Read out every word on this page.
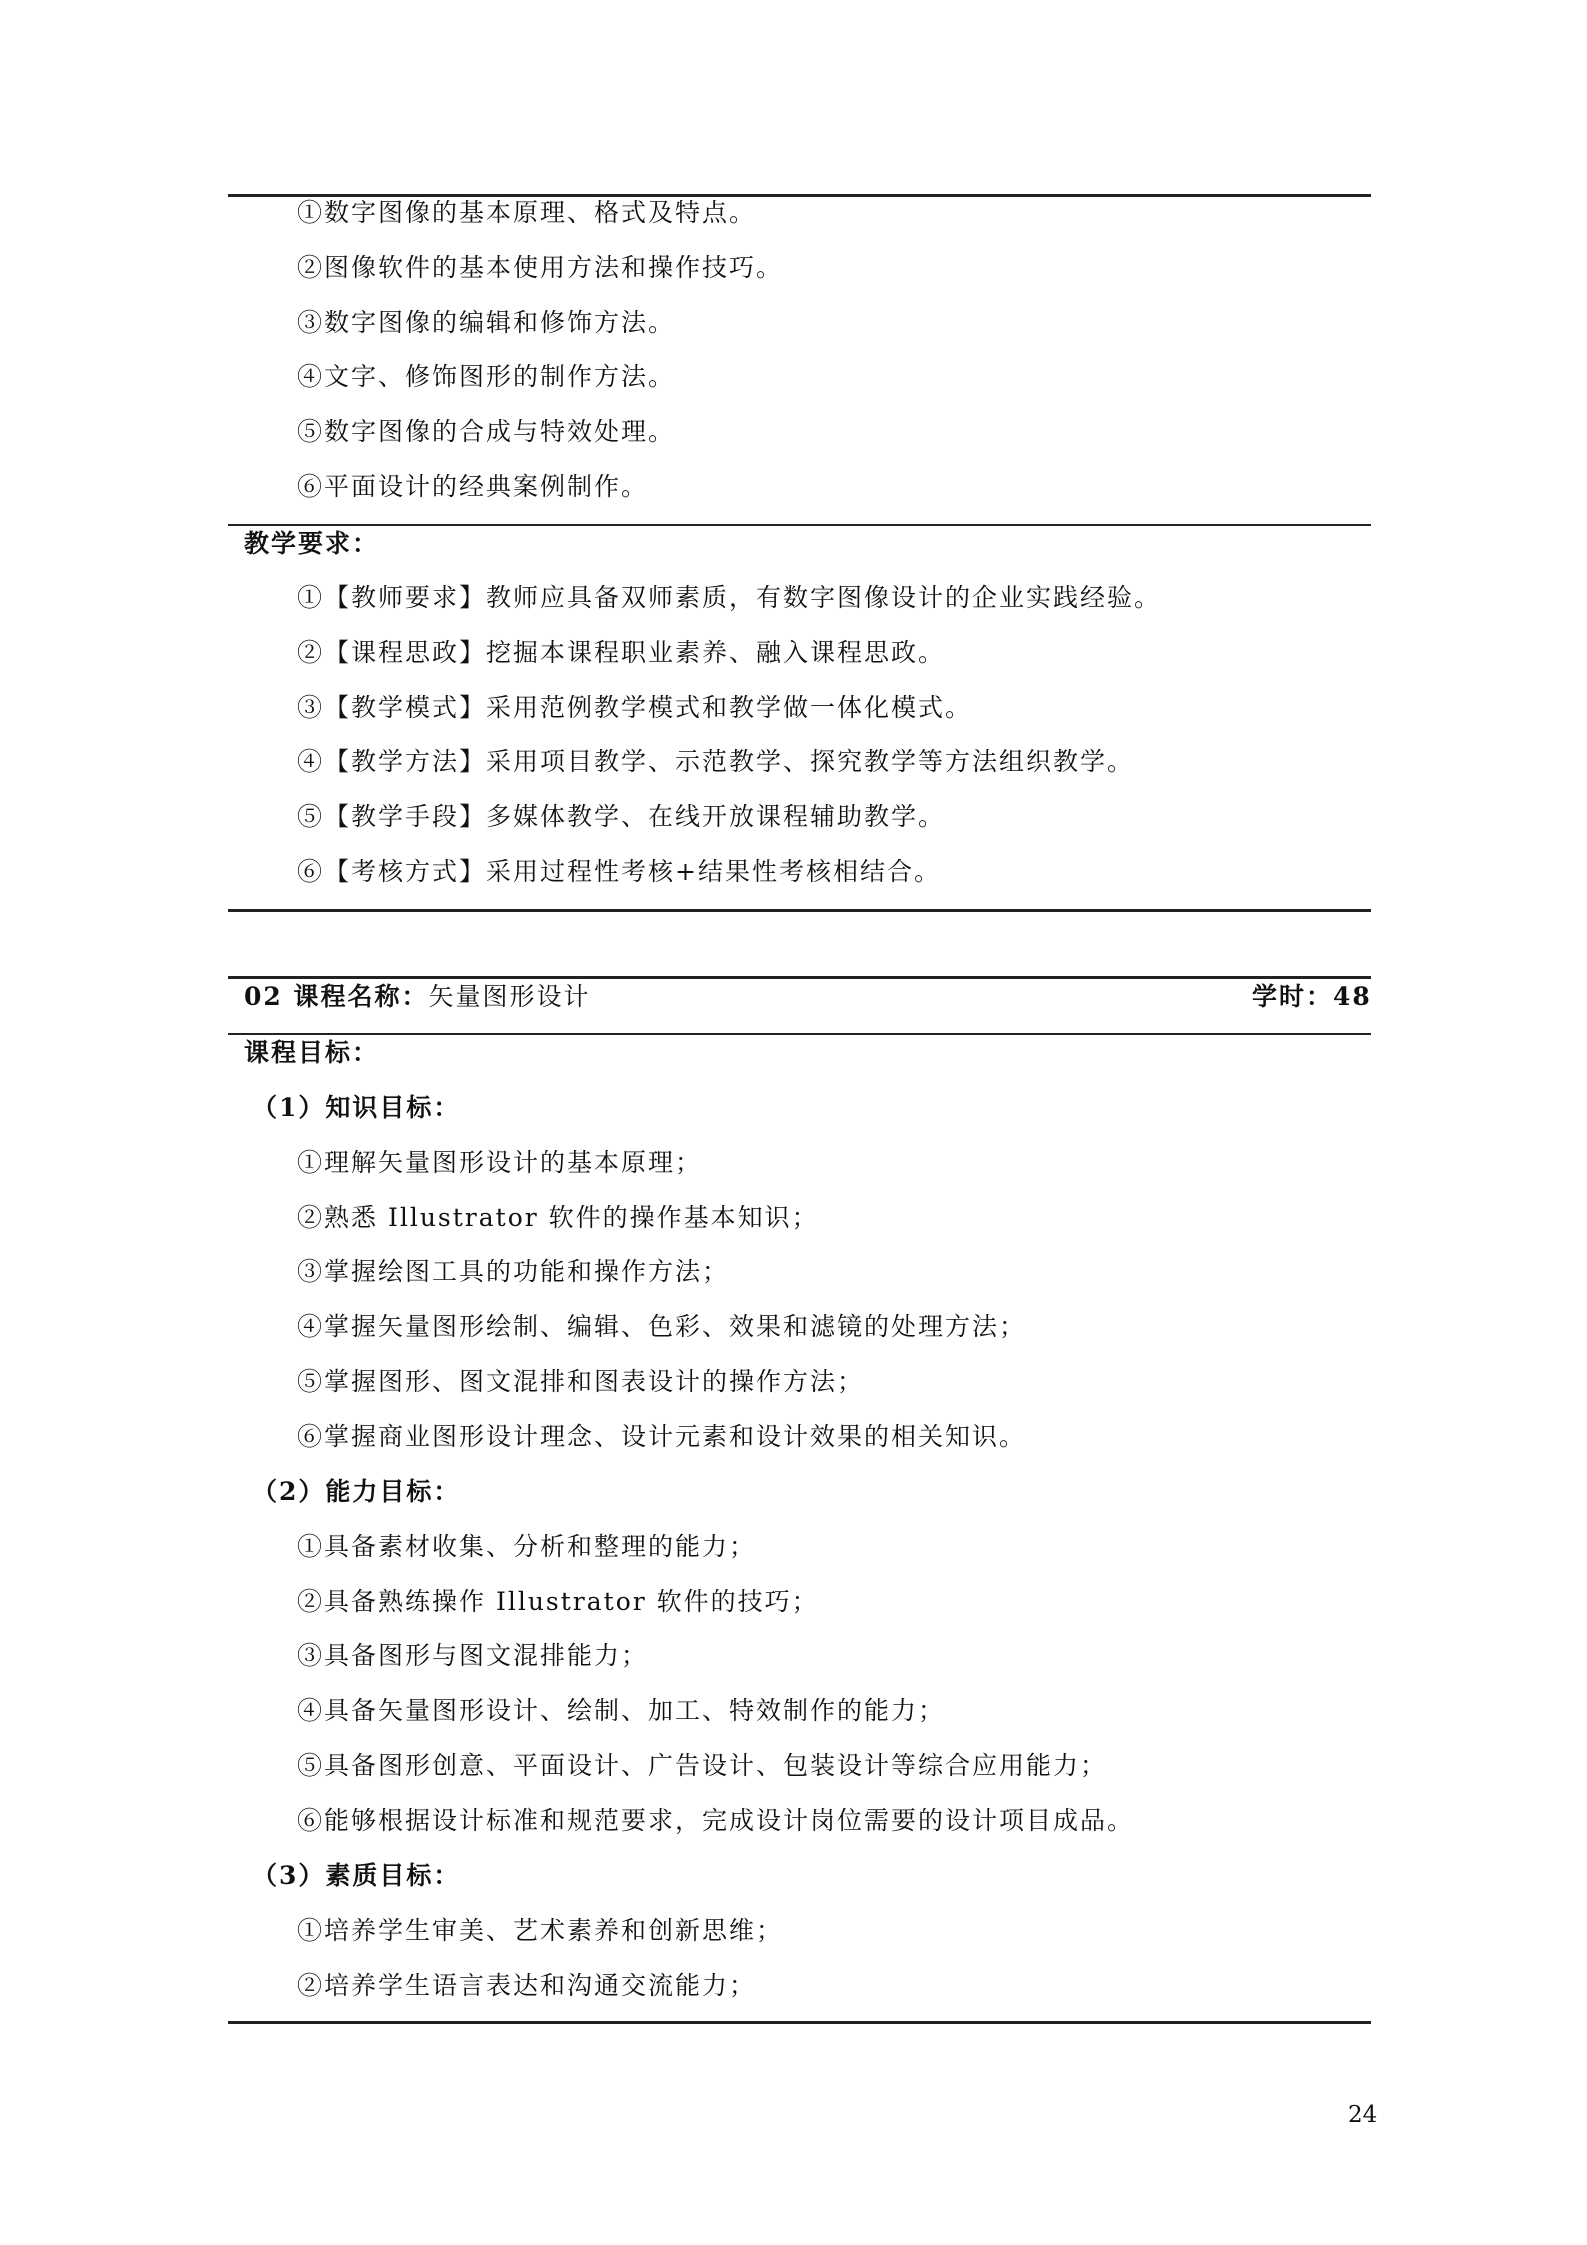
①数字图像的基本原理、格式及特点。
②图像软件的基本使用方法和操作技巧。
③数字图像的编辑和修饰方法。
④文字、修饰图形的制作方法。
⑤数字图像的合成与特效处理。
⑥平面设计的经典案例制作。
教学要求：
①【教师要求】教师应具备双师素质，有数字图像设计的企业实践经验。
②【课程思政】挖掘本课程职业素养、融入课程思政。
③【教学模式】采用范例教学模式和教学做一体化模式。
④【教学方法】采用项目教学、示范教学、探究教学等方法组织教学。
⑤【教学手段】多媒体教学、在线开放课程辅助教学。
⑥【考核方式】采用过程性考核+结果性考核相结合。
02 课程名称：矢量图形设计	学时：48
课程目标：
（1）知识目标：
①理解矢量图形设计的基本原理；
②熟悉 Illustrator 软件的操作基本知识；
③掌握绘图工具的功能和操作方法；
④掌握矢量图形绘制、编辑、色彩、效果和滤镜的处理方法；
⑤掌握图形、图文混排和图表设计的操作方法；
⑥掌握商业图形设计理念、设计元素和设计效果的相关知识。
（2）能力目标：
①具备素材收集、分析和整理的能力；
②具备熟练操作 Illustrator 软件的技巧；
③具备图形与图文混排能力；
④具备矢量图形设计、绘制、加工、特效制作的能力；
⑤具备图形创意、平面设计、广告设计、包装设计等综合应用能力；
⑥能够根据设计标准和规范要求，完成设计岗位需要的设计项目成品。
（3）素质目标：
①培养学生审美、艺术素养和创新思维；
②培养学生语言表达和沟通交流能力；
24
